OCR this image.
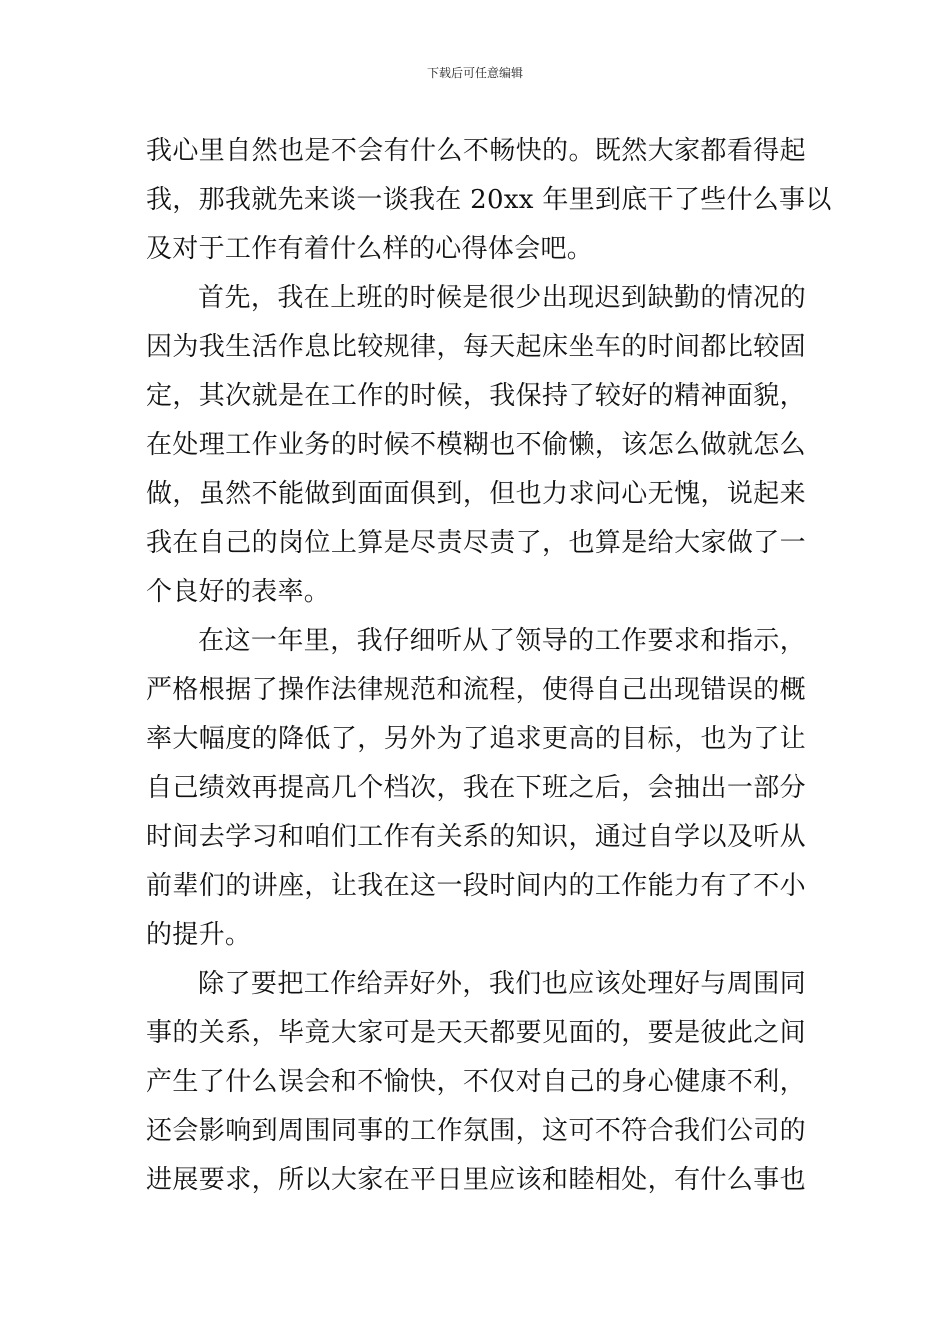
下载后可任意编辑
我心里自然也是不会有什么不畅快的。既然大家都看得起
我，那我就先来谈一谈我在 20xx 年里到底干了些什么事以
及对于工作有着什么样的心得体会吧。
首先，我在上班的时候是很少出现迟到缺勤的情况的
因为我生活作息比较规律，每天起床坐车的时间都比较固
定，其次就是在工作的时候，我保持了较好的精神面貌，
在处理工作业务的时候不模糊也不偷懒，该怎么做就怎么
做，虽然不能做到面面俱到，但也力求问心无愧，说起来
我在自己的岗位上算是尽责尽责了，也算是给大家做了一
个良好的表率。
在这一年里，我仔细听从了领导的工作要求和指示，
严格根据了操作法律规范和流程，使得自己出现错误的概
率大幅度的降低了，另外为了追求更高的目标，也为了让
自己绩效再提高几个档次，我在下班之后，会抽出一部分
时间去学习和咱们工作有关系的知识，通过自学以及听从
前辈们的讲座，让我在这一段时间内的工作能力有了不小
的提升。
除了要把工作给弄好外，我们也应该处理好与周围同
事的关系，毕竟大家可是天天都要见面的，要是彼此之间
产生了什么误会和不愉快，不仅对自己的身心健康不利，
还会影响到周围同事的工作氛围，这可不符合我们公司的
进展要求，所以大家在平日里应该和睦相处，有什么事也
